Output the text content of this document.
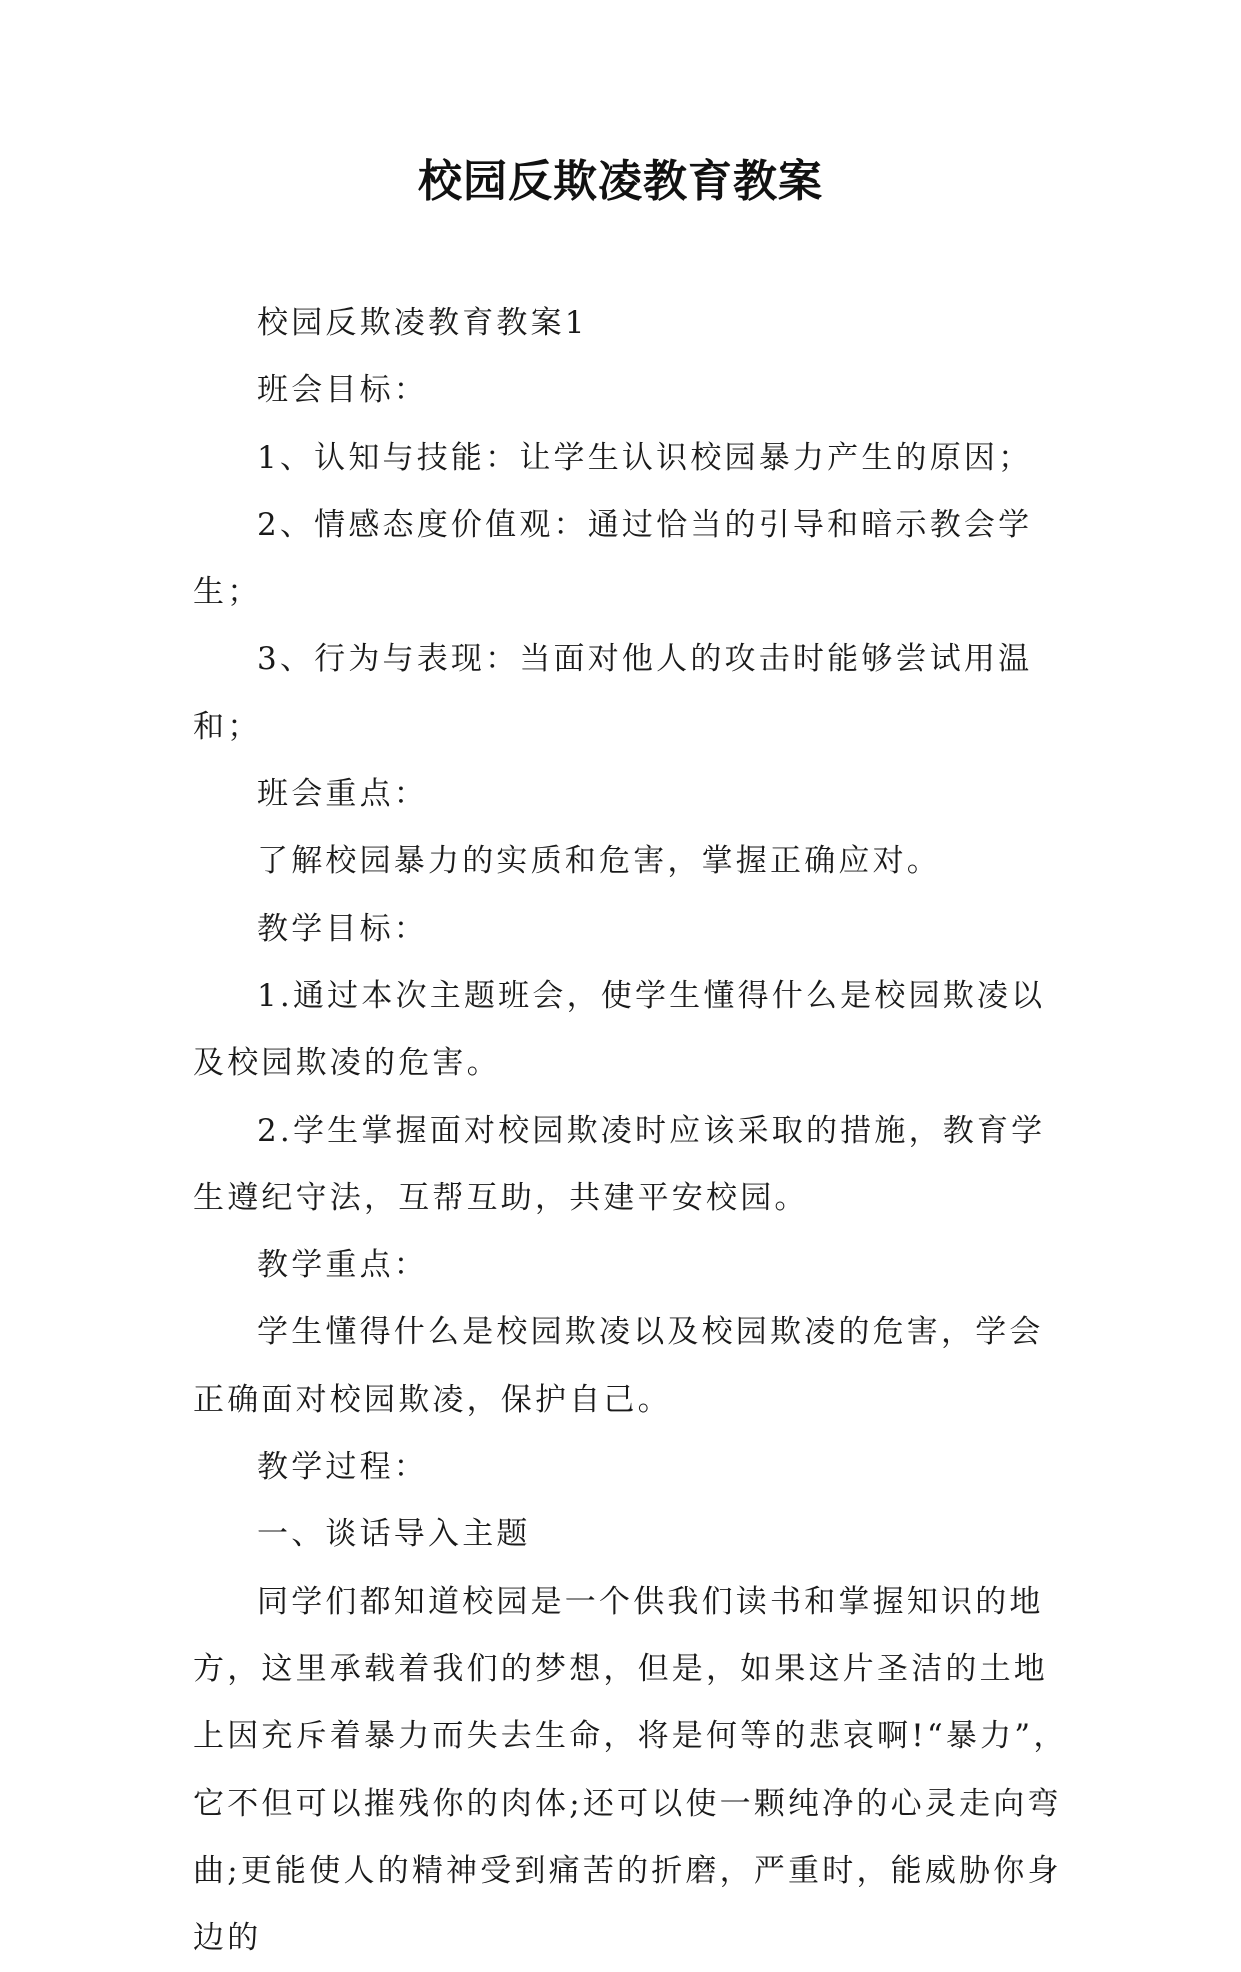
校园反欺凌教育教案

校园反欺凌教育教案1

班会目标：

1、认知与技能：让学生认识校园暴力产生的原因；

2、情感态度价值观：通过恰当的引导和暗示教会学生；

3、行为与表现：当面对他人的攻击时能够尝试用温和；

班会重点：

了解校园暴力的实质和危害，掌握正确应对。

教学目标：

1.通过本次主题班会，使学生懂得什么是校园欺凌以及校园欺凌的危害。

2.学生掌握面对校园欺凌时应该采取的措施，教育学生遵纪守法，互帮互助，共建平安校园。

教学重点：

学生懂得什么是校园欺凌以及校园欺凌的危害，学会正确面对校园欺凌，保护自己。

教学过程：

一、谈话导入主题

同学们都知道校园是一个供我们读书和掌握知识的地方，这里承载着我们的梦想，但是，如果这片圣洁的土地上因充斥着暴力而失去生命，将是何等的悲哀啊!“暴力”，它不但可以摧残你的肉体;还可以使一颗纯净的心灵走向弯曲;更能使人的精神受到痛苦的折磨，严重时，能威胁你身边的
